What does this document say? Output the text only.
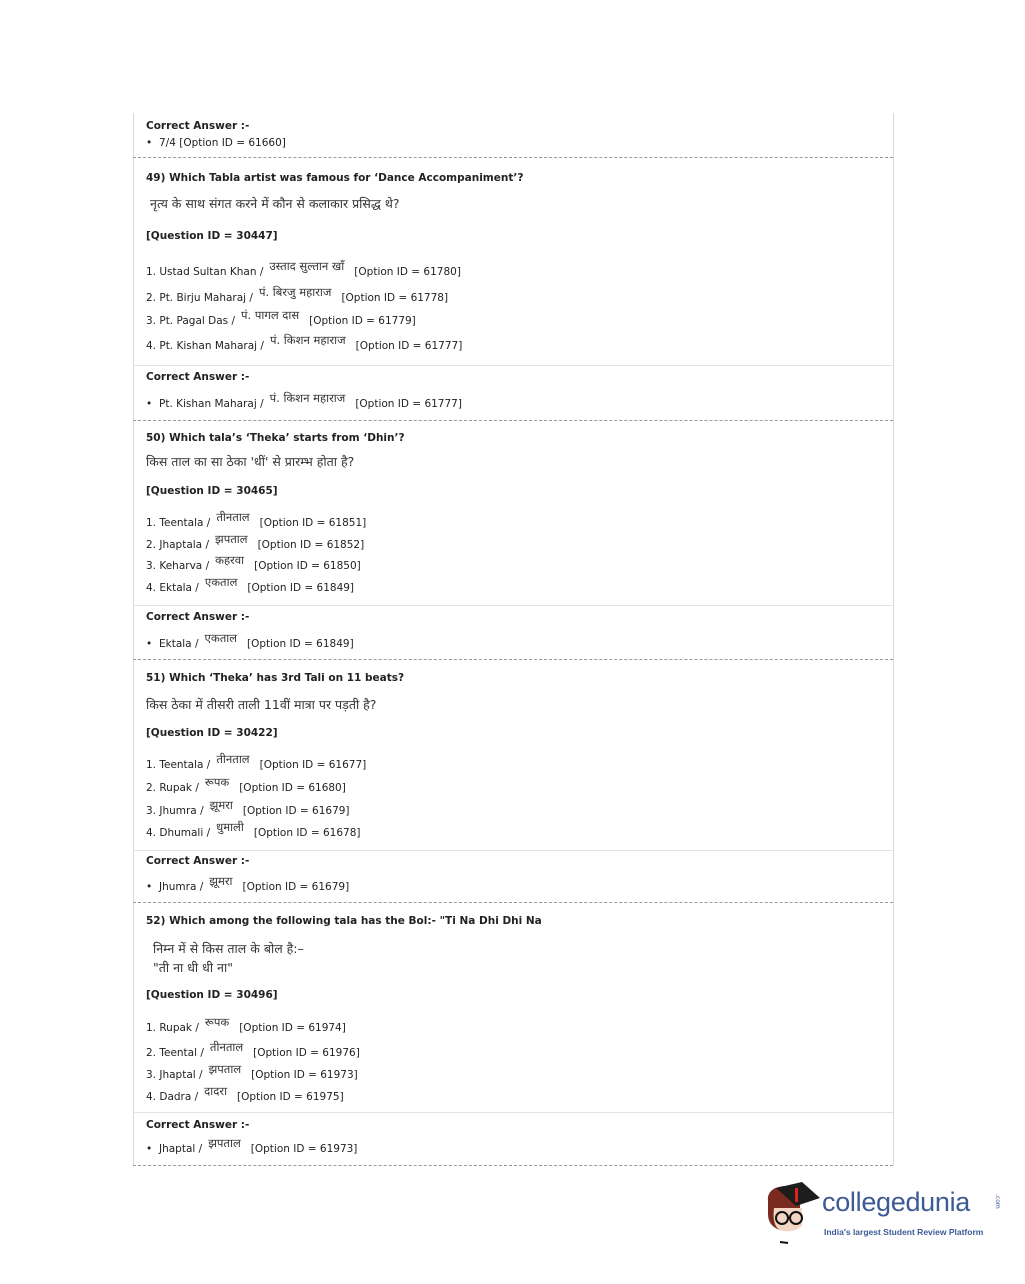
Correct Answer :-
• 7/4 [Option ID = 61660]
49) Which Tabla artist was famous for ‘Dance Accompaniment’?
नृत्य के साथ संगत करने में कौन से कलाकार प्रसिद्ध थे?
[Question ID = 30447]
1. Ustad Sultan Khan / उस्ताद सुल्तान खाँ [Option ID = 61780]
2. Pt. Birju Maharaj / पं. बिरजु महाराज [Option ID = 61778]
3. Pt. Pagal Das / पं. पागल दास [Option ID = 61779]
4. Pt. Kishan Maharaj / पं. किशन महाराज [Option ID = 61777]
Correct Answer :-
• Pt. Kishan Maharaj / पं. किशन महाराज [Option ID = 61777]
50) Which tala’s ‘Theka’ starts from ‘Dhin’?
किस ताल का सा ठेका 'धीं' से प्रारम्भ होता है?
[Question ID = 30465]
1. Teentala / तीनताल [Option ID = 61851]
2. Jhaptala / झपताल [Option ID = 61852]
3. Keharva / कहरवा [Option ID = 61850]
4. Ektala / एकताल [Option ID = 61849]
Correct Answer :-
• Ektala / एकताल [Option ID = 61849]
51) Which ‘Theka’ has 3rd Tali on 11 beats?
किस ठेका में तीसरी ताली 11वीं मात्रा पर पड़ती है?
[Question ID = 30422]
1. Teentala / तीनताल [Option ID = 61677]
2. Rupak / रूपक [Option ID = 61680]
3. Jhumra / झूमरा [Option ID = 61679]
4. Dhumali / धुमाली [Option ID = 61678]
Correct Answer :-
• Jhumra / झूमरा [Option ID = 61679]
52) Which among the following tala has the Bol:- "Ti Na Dhi Dhi Na
निम्न में से किस ताल के बोल है:–
"ती ना धी धी ना"
[Question ID = 30496]
1. Rupak / रूपक [Option ID = 61974]
2. Teental / तीनताल [Option ID = 61976]
3. Jhaptal / झपताल [Option ID = 61973]
4. Dadra / दादरा [Option ID = 61975]
Correct Answer :-
• Jhaptal / झपताल [Option ID = 61973]
collegedunia	.com
India's largest Student Review Platform
